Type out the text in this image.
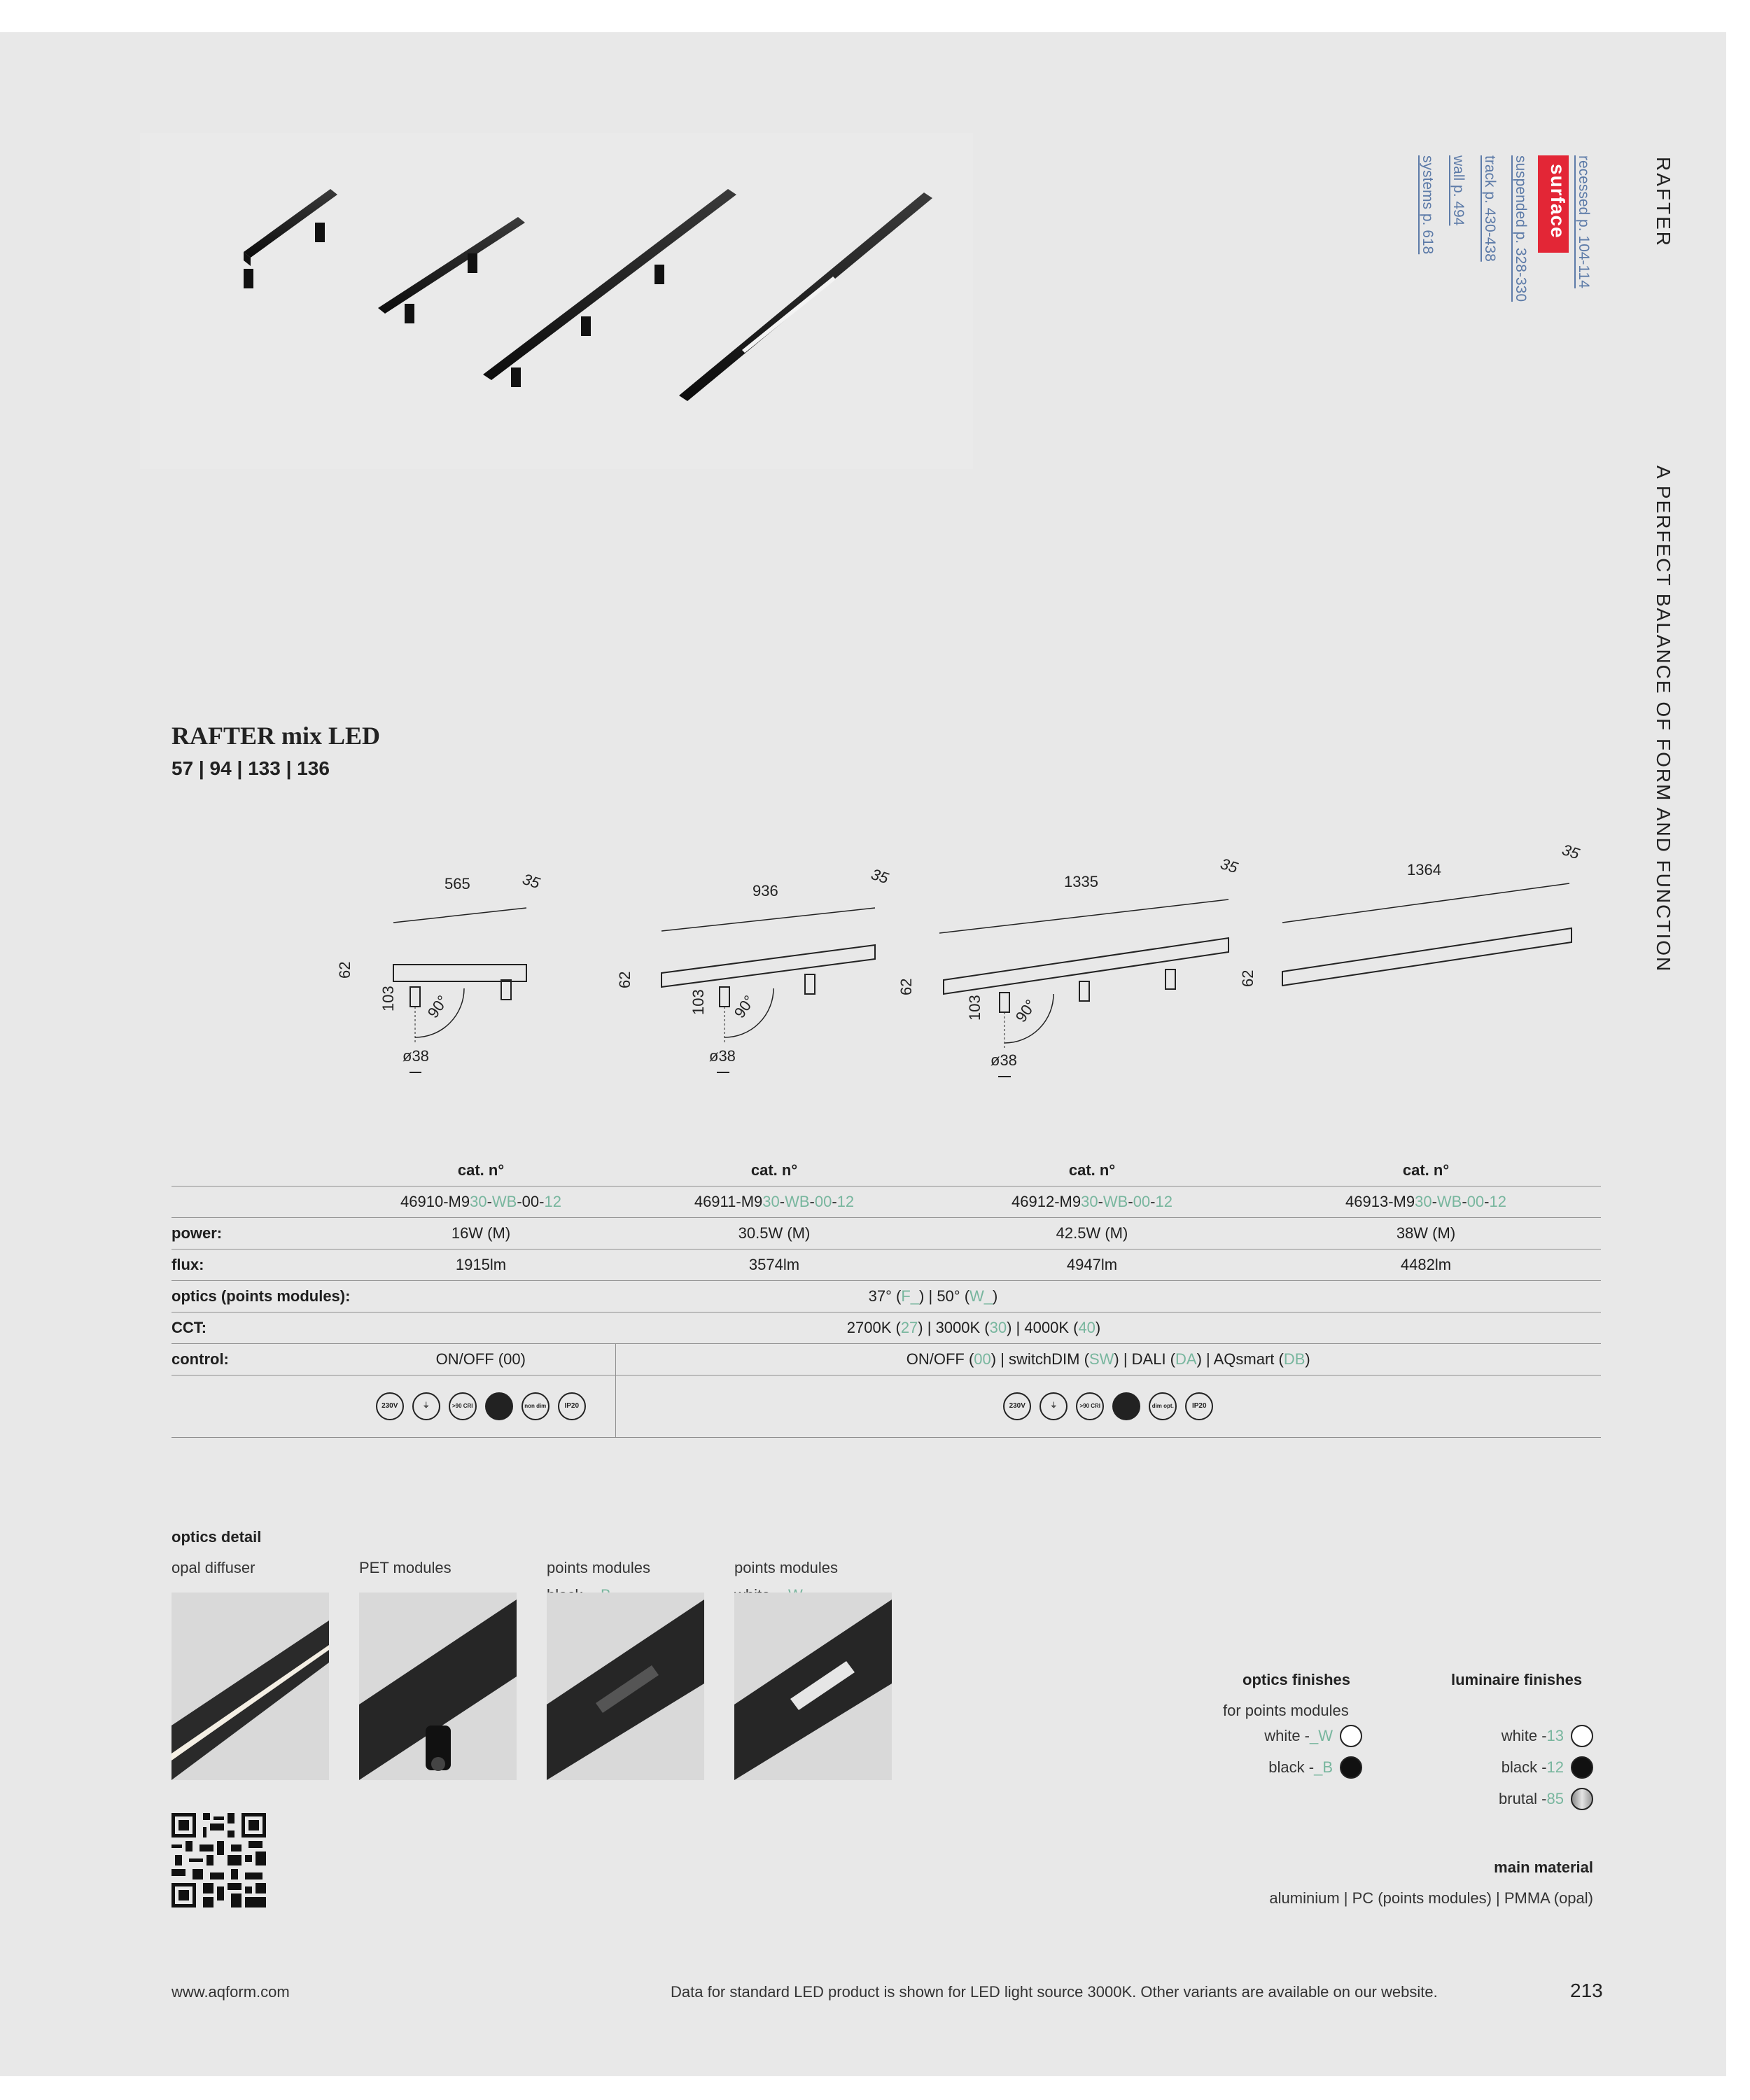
RAFTER
A PERFECT BALANCE OF FORM AND FUNCTION
recessed p. 104-114
surface
suspended p. 328-330
track p. 430-438
wall p. 494
systems p. 618
RAFTER mix LED
57 | 94 | 133 | 136
565	35
62
103 90°
ø38
936
35
62
103 90°
ø38
1335
35
62
103 90°
ø38
1364
35
62
	cat. n°	cat. n°	cat. n°	cat. n°
	46910-M930-WB-00-12	46911-M930-WB-00-12	46912-M930-WB-00-12	46913-M930-WB-00-12
power:	16W (M)	30.5W (M)	42.5W (M)	38W (M)
flux:	1915lm	3574lm	4947lm	4482lm
optics (points modules):		37° (F_) | 50° (W_)		
CCT:	2700K (27) | 3000K (30) | 4000K (40)			
control:	ON/OFF (00)	ON/OFF (00) | switchDIM (SW) | DALI (DA) | AQsmart (DB)		

230V ⏚ >90 CRI non dim IP20	230V ⏚ >90 CRI dim opt. IP20		
optics detail
opal diffuser	PET modules	points modules	points modules
optics finishes
for points modules
white -_W
black -_B
luminaire finishes
white -13
black -12
brutal -85
main material
aluminium | PC (points modules) | PMMA (opal)
www.aqform.com	Data for standard LED product is shown for LED light source 3000K. Other variants are available on our website.	213
